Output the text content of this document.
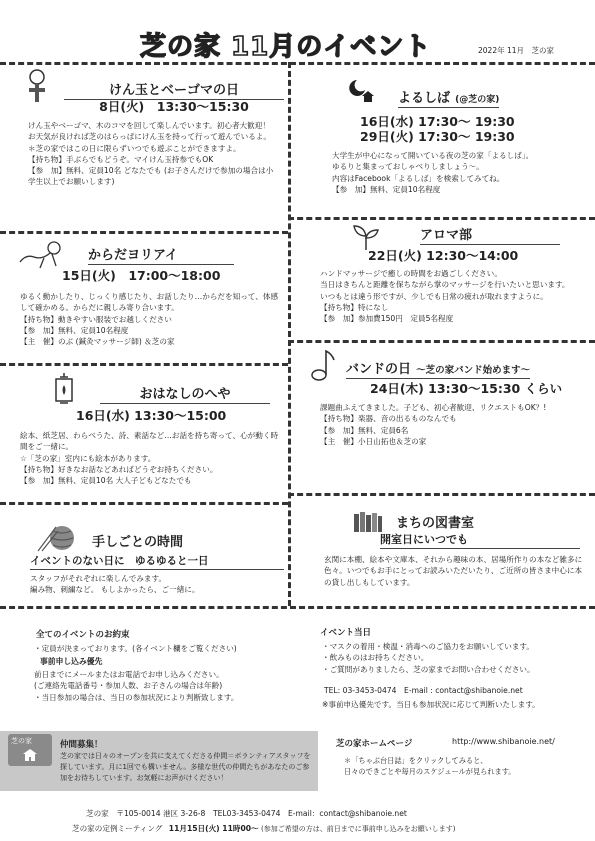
芝の家 11月のイベント	2022年 11月　芝の家
けん玉とベーゴマの日
8日(火)　13:30〜15:30
けん玉やベーゴマ、木のコマを回して楽しんでいます。初心者大歓迎！
お天気が良ければ芝のはらっぱにけん玉を持って行って遊んでいるよ。
＊芝の家ではこの日に限らずいつでも遊ぶことができますよ。
【持ち物】手ぶらでもどうぞ。マイけん玉持参でもOK
【参　加】無料、定員10名 どなたでも (お子さんだけで参加の場合は小学生以上でお願いします)
よるしば (@芝の家)
16日(水) 17:30〜 19:30
29日(火) 17:30〜 19:30
大学生が中心になって開いている夜の芝の家「よるしば」。
ゆるりと集まっておしゃべりしましょう〜。
内容はFacebook「よるしば」を検索してみてね。
【参　加】無料、定員10名程度
からだヨリアイ
15日(火)　17:00〜18:00
ゆるく動かしたり、じっくり感じたり、お話したり…からだを知って、体感して確かめる。からだに親しみ寄り合います。
【持ち物】動きやすい服装でお越しください
【参　加】無料、定員10名程度
【主　催】のぶ (鍼灸マッサージ師) ＆芝の家
アロマ部
22日(火) 12:30〜14:00
ハンドマッサージで癒しの時間をお過ごしください。
当日はきちんと距離を保ちながら掌のマッサージを行いたいと思います。
いつもとは違う形ですが、少しでも日常の疲れが取れますように。
【持ち物】特になし
【参　加】参加費150円　定員5名程度
おはなしのへや
16日(水) 13:30〜15:00
絵本、紙芝居、わらべうた、詩、素話など…お話を持ち寄って、心が動く時間をご一緒に。
☆「芝の家」室内にも絵本があります。
【持ち物】好きなお話などあればどうぞお持ちください。
【参　加】無料、定員10名 大人子どもどなたでも
バンドの日 〜芝の家バンド始めます〜
24日(木) 13:30〜15:30 くらい
課題曲ふえてきました。子ども、初心者歓迎、リクエストもOK？!
【持ち物】楽器、音の出るものなんでも
【参　加】無料、定員6名
【主　催】小日山拓也＆芝の家
手しごとの時間
イベントのない日に　ゆるゆると一日
スタッフがそれぞれに楽しんでみます。
編み物、刺繍など。 もしよかったら、ご一緒に。
まちの図書室
開室日にいつでも
玄関に本棚、絵本や文庫本、それから趣味の本、居場所作りの本など雑多に色々。いつでもお手にとってお読みいただいたり、ご近所の皆さま中心に本の貸し出しもしています。
全てのイベントのお約束
・定員が決まっております。(各イベント欄をご覧ください)
事前申し込み優先
前日までにメールまたはお電話でお申し込みください。
(ご連絡先電話番号・参加人数、お子さんの場合は年齢)
・当日参加の場合は、当日の参加状況により判断致します。
イベント当日
・マスクの着用・検温・消毒へのご協力をお願いしています。
・飲みものはお持ちください。
・ご質問がありましたら、芝の家までお問い合わせください。
TEL: 03-3453-0474　E-mail : contact@shibanoie.net
※事前申込優先です。当日も参加状況に応じて判断いたします。
芝の家	仲間募集！
芝の家では日々のオープンを共に支えてくださる仲間＝ボランティアスタッフを探しています。月に1回でも構いません。多様な世代の仲間たちがあなたのご参加をお待ちしています。お気軽にお声がけください！
芝の家ホームページ	http://www.shibanoie.net/
＊「ちゃぶ台日誌」をクリックしてみると、
日々のできごとや毎月のスケジュールが見られます。
芝の家　〒105-0014 港区 3-26-8　TEL03-3453-0474　E-mail：contact@shibanoie.net
芝の家の定例ミーティング 11月15日(火) 11時00〜 (参加ご希望の方は、前日までに事前申し込みをお願いします)
